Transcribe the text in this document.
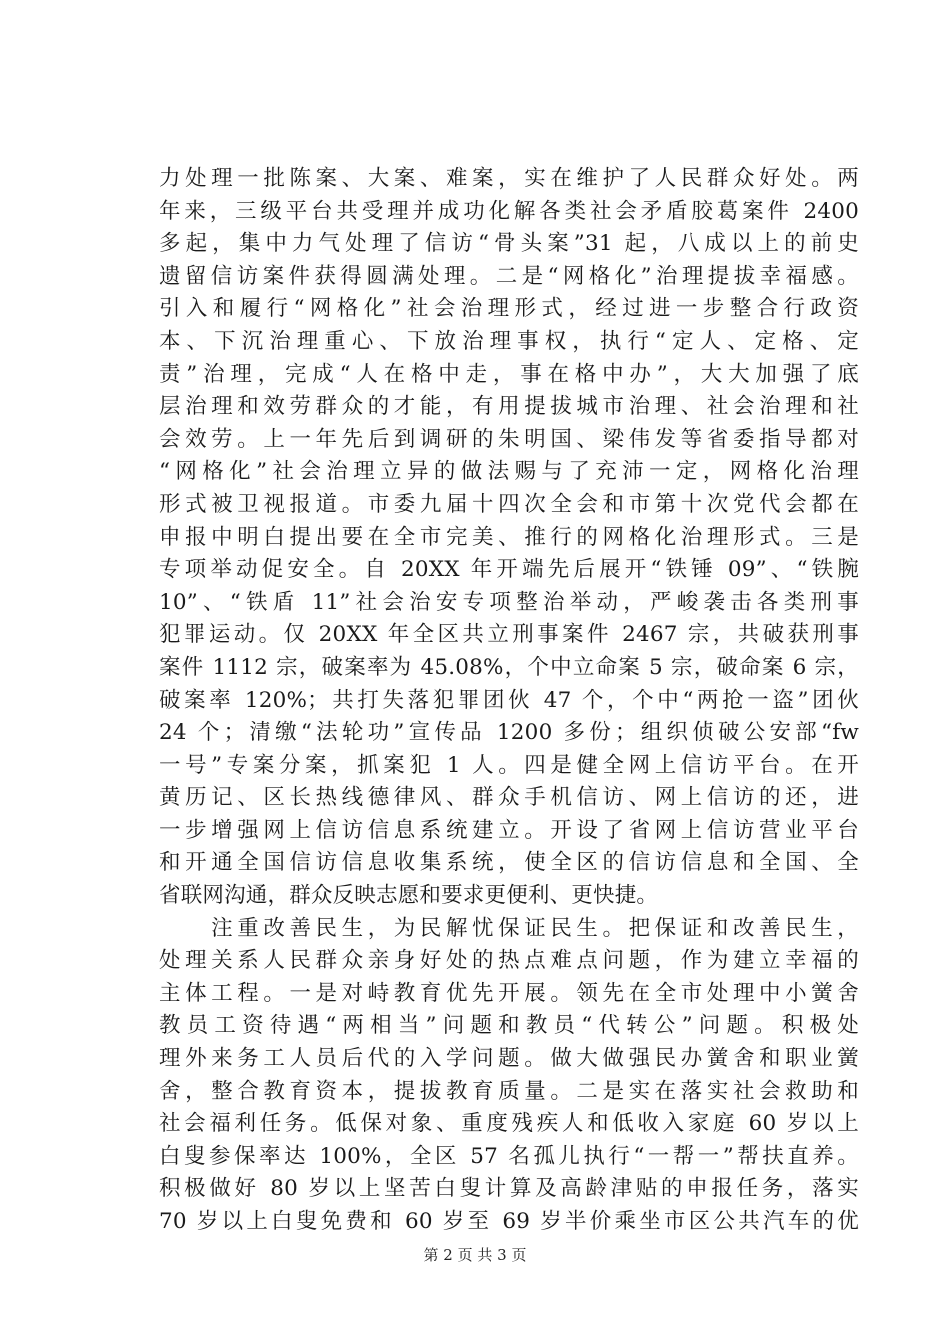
力处理一批陈案、大案、难案，实在维护了人民群众好处。两
年来，三级平台共受理并成功化解各类社会矛盾胶葛案件 2400
多起，集中力气处理了信访“骨头案”31 起，八成以上的前史
遗留信访案件获得圆满处理。二是“网格化”治理提拔幸福感。
引入和履行“网格化”社会治理形式，经过进一步整合行政资
本、下沉治理重心、下放治理事权，执行“定人、定格、定
责”治理，完成“人在格中走，事在格中办”，大大加强了底
层治理和效劳群众的才能，有用提拔城市治理、社会治理和社
会效劳。上一年先后到调研的朱明国、梁伟发等省委指导都对
“网格化”社会治理立异的做法赐与了充沛一定，网格化治理
形式被卫视报道。市委九届十四次全会和市第十次党代会都在
申报中明白提出要在全市完美、推行的网格化治理形式。三是
专项举动促安全。自 20XX 年开端先后展开“铁锤 09”、“铁腕
10”、“铁盾 11”社会治安专项整治举动，严峻袭击各类刑事
犯罪运动。仅 20XX 年全区共立刑事案件 2467 宗，共破获刑事
案件 1112 宗，破案率为 45.08%，个中立命案 5 宗，破命案 6 宗，
破案率 120%；共打失落犯罪团伙 47 个，个中“两抢一盗”团伙
24 个；清缴“法轮功”宣传品 1200 多份；组织侦破公安部“fw
一号”专案分案，抓案犯 1 人。四是健全网上信访平台。在开
黄历记、区长热线德律风、群众手机信访、网上信访的还，进
一步增强网上信访信息系统建立。开设了省网上信访营业平台
和开通全国信访信息收集系统，使全区的信访信息和全国、全
省联网沟通，群众反映志愿和要求更便利、更快捷。
　　注重改善民生，为民解忧保证民生。把保证和改善民生，
处理关系人民群众亲身好处的热点难点问题，作为建立幸福的
主体工程。一是对峙教育优先开展。领先在全市处理中小黉舍
教员工资待遇“两相当”问题和教员“代转公”问题。积极处
理外来务工人员后代的入学问题。做大做强民办黉舍和职业黉
舍，整合教育资本，提拔教育质量。二是实在落实社会救助和
社会福利任务。低保对象、重度残疾人和低收入家庭 60 岁以上
白叟参保率达 100%，全区 57 名孤儿执行“一帮一”帮扶直养。
积极做好 80 岁以上坚苦白叟计算及高龄津贴的申报任务，落实
70 岁以上白叟免费和 60 岁至 69 岁半价乘坐市区公共汽车的优
第 2 页 共 3 页
